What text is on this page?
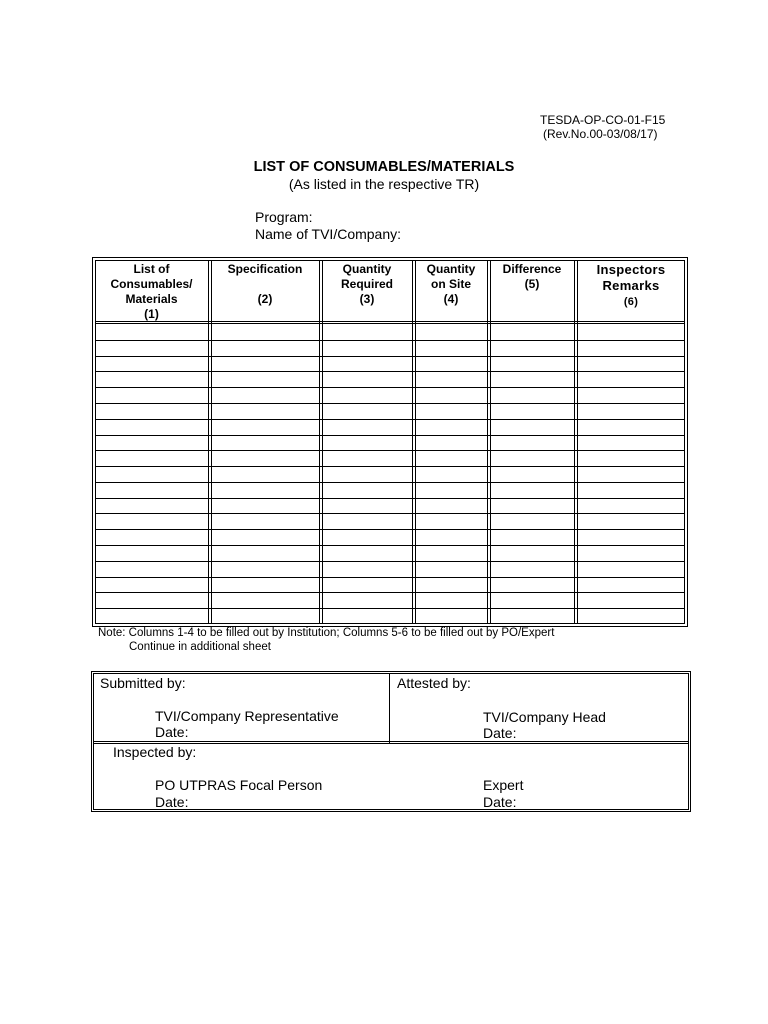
TESDA-OP-CO-01-F15
(Rev.No.00-03/08/17)
LIST OF CONSUMABLES/MATERIALS
(As listed in the respective TR)
Program:
Name of TVI/Company:
List of
Consumables/
Materials
(1)
Specification
(2)
Quantity
Required
(3)
Quantity
on Site
(4)
Difference
(5)
Inspectors
Remarks
(6)
Note: Columns 1-4 to be filled out by Institution; Columns 5-6 to be filled out by PO/Expert
Continue in additional sheet
Submitted by:	Attested by:
TVI/Company Representative
Date:
TVI/Company Head
Date:
Inspected by:
PO UTPRAS Focal Person
Date:
Expert
Date:
